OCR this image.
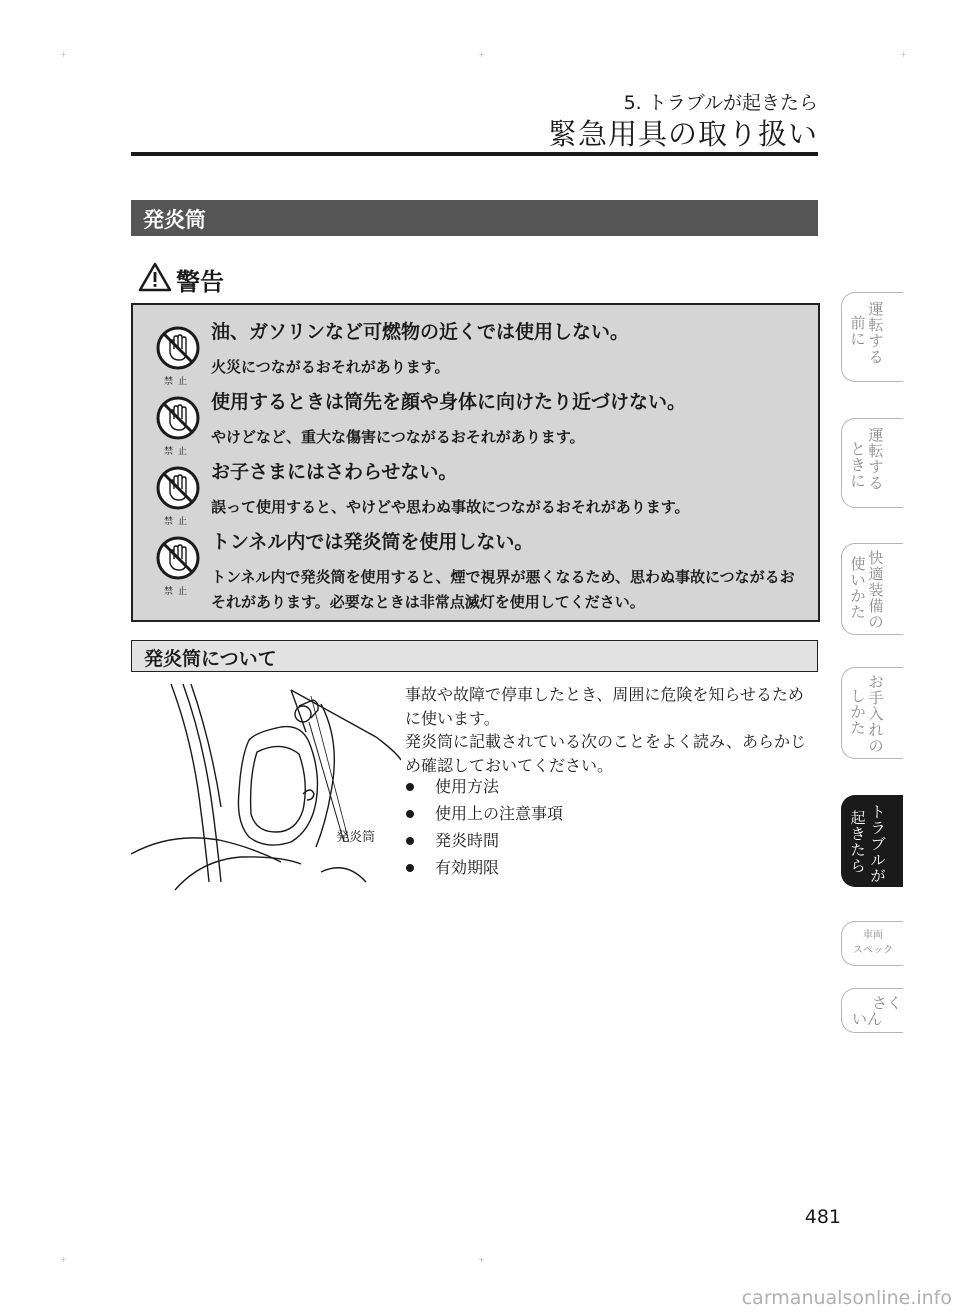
+	+	+
+	+
5. トラブルが起きたら
緊急用具の取り扱い
発炎筒
警告
禁止
油、ガソリンなど可燃物の近くでは使用しない。
火災につながるおそれがあります。
禁止
使用するときは筒先を顔や身体に向けたり近づけない。
やけどなど、重大な傷害につながるおそれがあります。
禁止
お子さまにはさわらせない。
誤って使用すると、やけどや思わぬ事故につながるおそれがあります。
禁止
トンネル内では発炎筒を使用しない。
トンネル内で発炎筒を使用すると、煙で視界が悪くなるため、思わぬ事故につながるおそれがあります。必要なときは非常点滅灯を使用してください。
発炎筒について
発炎筒

事故や故障で停車したとき、周囲に危険を知らせるために使います。

発炎筒に記載されている次のことをよく読み、あらかじめ確認しておいてください。

使用方法
使用上の注意事項
発炎時間
有効期限
運転する
前に
運転する
ときに
快適装備の
使いかた
お手入れの
しかた
トラブルが
起きたら
車両
スペック
さく
いん
481
carmanualsonline.info
